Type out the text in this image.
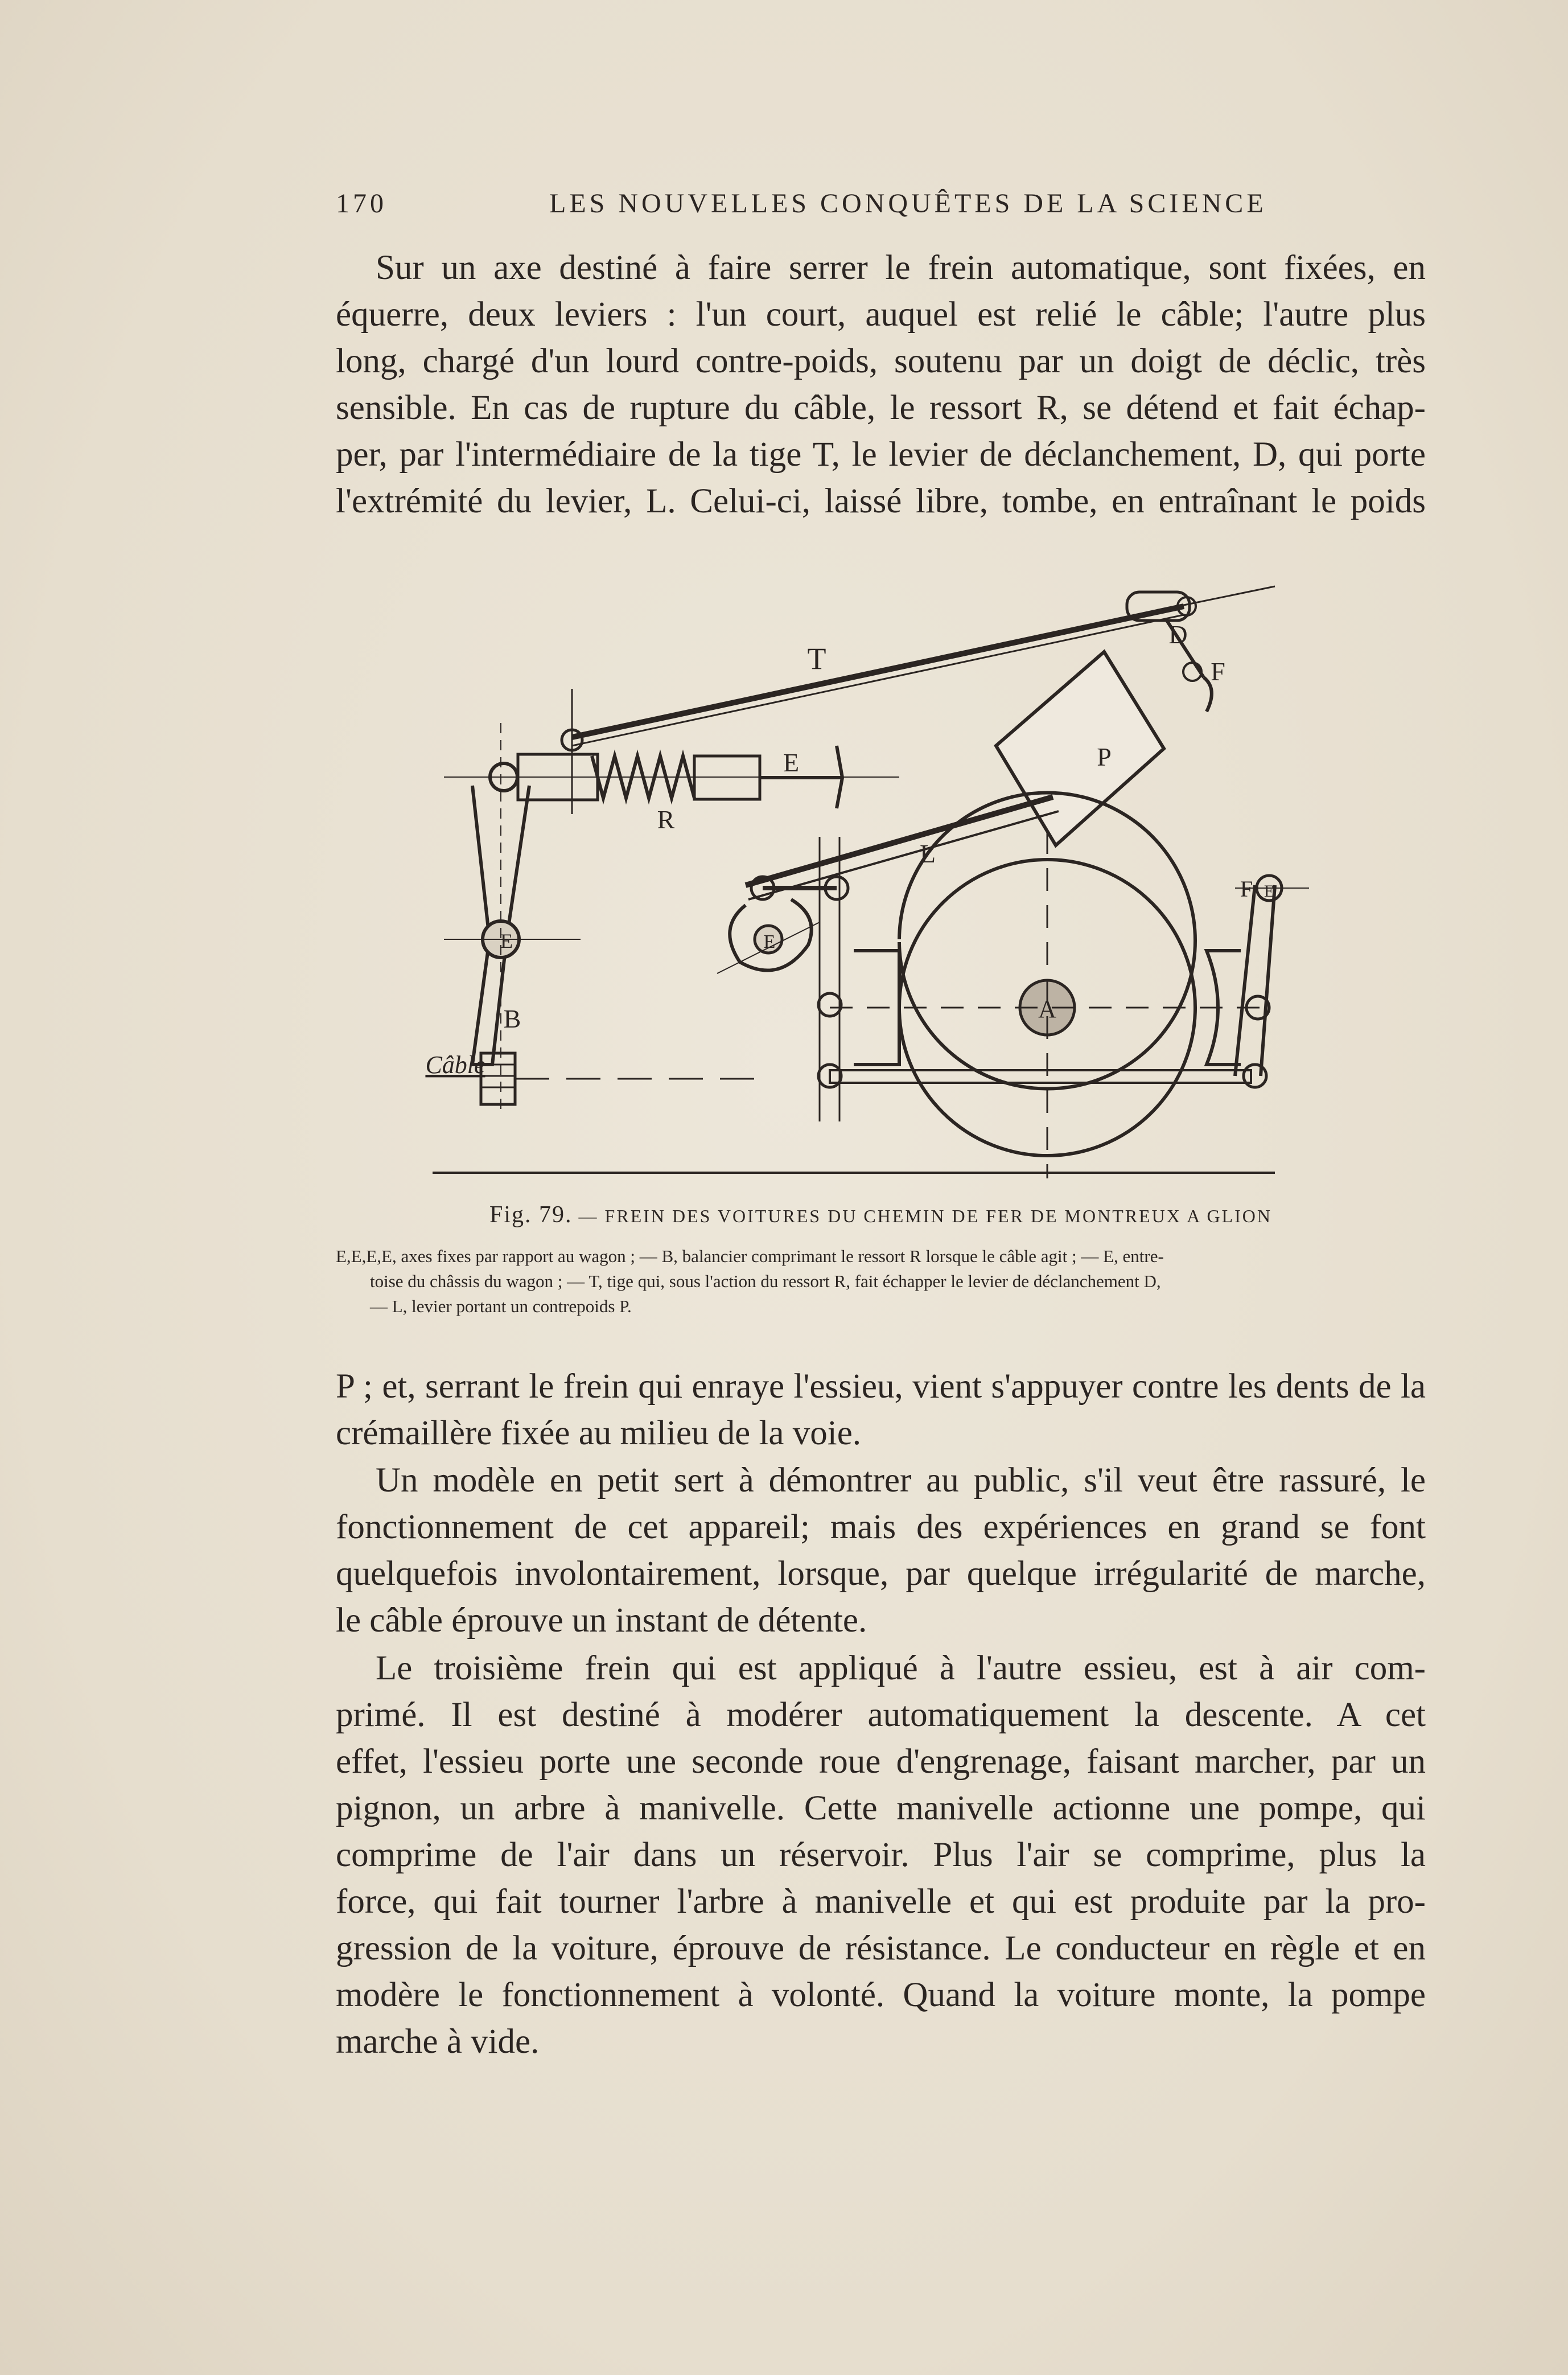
170	LES NOUVELLES CONQUÊTES DE LA SCIENCE

Sur un axe destiné à faire serrer le frein automatique, sont fixées, en

équerre, deux leviers : l'un court, auquel est relié le câble; l'autre plus
long, chargé d'un lourd contre-poids, soutenu par un doigt de déclic, très
sensible. En cas de rupture du câble, le ressort R, se détend et fait échap-
per, par l'intermédiaire de la tige T, le levier de déclanchement, D, qui porte
l'extrémité du levier, L. Celui-ci, laissé libre, tombe, en entraînant le poids
T
D
F
E
R
P
L
E
B
E
A
F E
Câble
Fig. 79. — FREIN DES VOITURES DU CHEMIN DE FER DE MONTREUX A GLION
E,E,E,E, axes fixes par rapport au wagon ; — B, balancier comprimant le ressort R lorsque le câble agit ; — E, entre-
toise du châssis du wagon ; — T, tige qui, sous l'action du ressort R, fait échapper le levier de déclanchement D,
— L, levier portant un contrepoids P.
P ; et, serrant le frein qui enraye l'essieu, vient s'appuyer contre les dents de la
crémaillère fixée au milieu de la voie.
Un modèle en petit sert à démontrer au public, s'il veut être rassuré, le
fonctionnement de cet appareil; mais des expériences en grand se font
quelquefois involontairement, lorsque, par quelque irrégularité de marche,
le câble éprouve un instant de détente.
Le troisième frein qui est appliqué à l'autre essieu, est à air com-
primé. Il est destiné à modérer automatiquement la descente. A cet
effet, l'essieu porte une seconde roue d'engrenage, faisant marcher, par un
pignon, un arbre à manivelle. Cette manivelle actionne une pompe, qui
comprime de l'air dans un réservoir. Plus l'air se comprime, plus la
force, qui fait tourner l'arbre à manivelle et qui est produite par la pro-
gression de la voiture, éprouve de résistance. Le conducteur en règle et en
modère le fonctionnement à volonté. Quand la voiture monte, la pompe
marche à vide.
